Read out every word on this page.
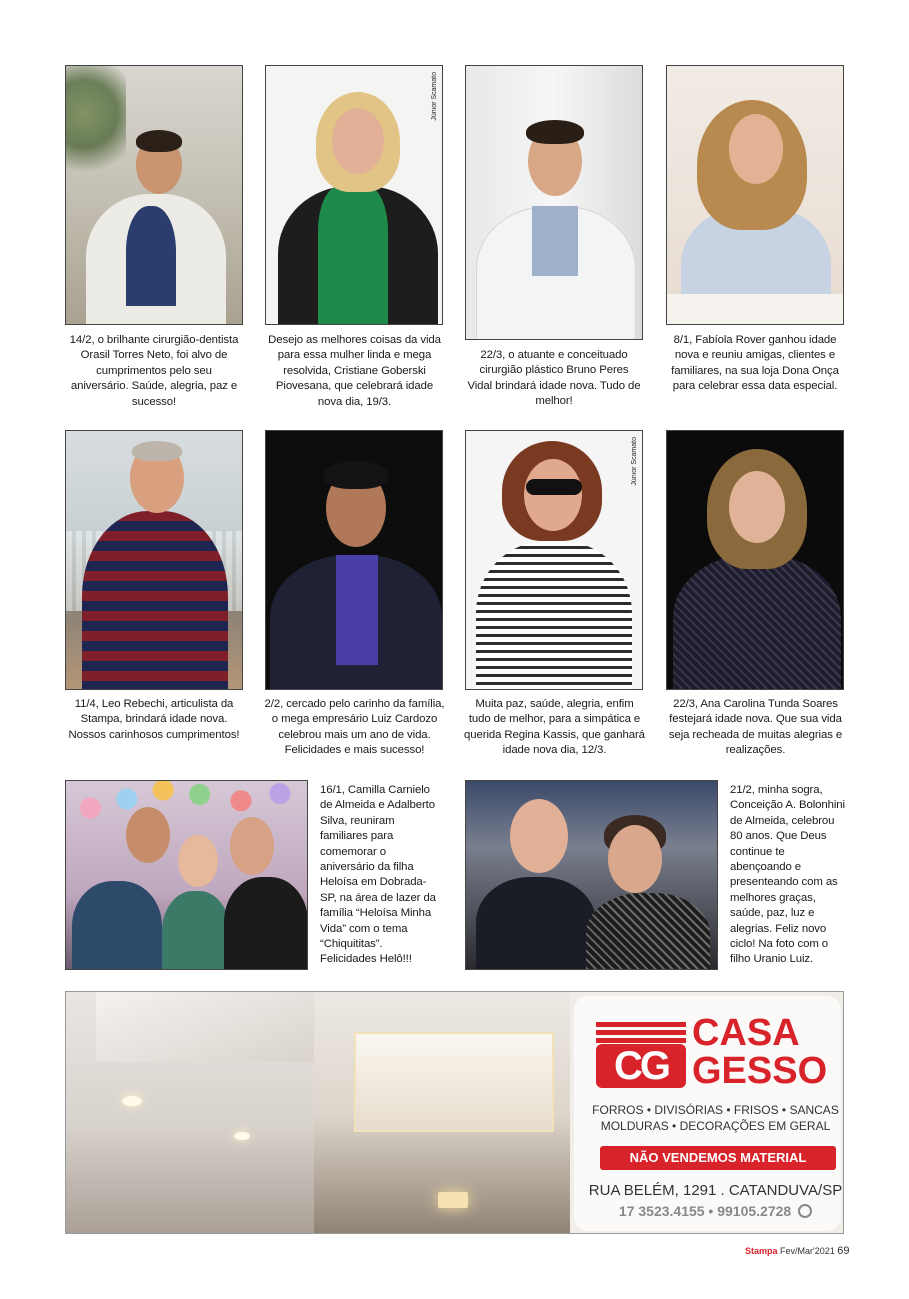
Júnior Scamato
14/2, o brilhante cirurgião-dentista Orasil Torres Neto, foi alvo de cumprimentos pelo seu aniversário. Saúde, alegria, paz e sucesso!
Desejo as melhores coisas da vida para essa mulher linda e mega resolvida, Cristiane Goberski Piovesana, que celebrará idade nova dia, 19/3.
22/3, o atuante e conceituado cirurgião plástico Bruno Peres Vidal brindará idade nova. Tudo de melhor!
8/1, Fabíola Rover ganhou idade nova e reuniu amigas, clientes e familiares, na sua loja Dona Onça para celebrar essa data especial.
Júnior Scamato
11/4, Leo Rebechi, articulista da Stampa, brindará idade nova. Nossos carinhosos cumprimentos!
2/2, cercado pelo carinho da família, o mega empresário Luiz Cardozo celebrou mais um ano de vida. Felicidades e mais sucesso!
Muita paz, saúde, alegria, enfim tudo de melhor, para a simpática e querida Regina Kassis, que ganhará idade nova dia, 12/3.
22/3, Ana Carolina Tunda Soares festejará idade nova. Que sua vida seja recheada de muitas alegrias e realizações.
16/1, Camilla Carnielo de Almeida e Adalberto Silva, reuniram familiares para comemorar o aniversário da filha Heloísa em Dobrada-SP, na área de lazer da família “Heloísa Minha Vida” com o tema “Chiquititas”. Felicidades Helô!!!
21/2, minha sogra, Conceição A. Bolonhini de Almeida, celebrou 80 anos. Que Deus continue te abençoando e presenteando com as melhores graças, saúde, paz, luz e alegrias. Feliz novo ciclo! Na foto com o filho Uranio Luiz.
CG
CASA
GESSO
FORROS • DIVISÓRIAS • FRISOS • SANCAS
MOLDURAS • DECORAÇÕES EM GERAL
NÃO VENDEMOS MATERIAL
RUA BELÉM, 1291 . CATANDUVA/SP
17 3523.4155 • 99105.2728
Stampa Fev/Mar'2021 69
